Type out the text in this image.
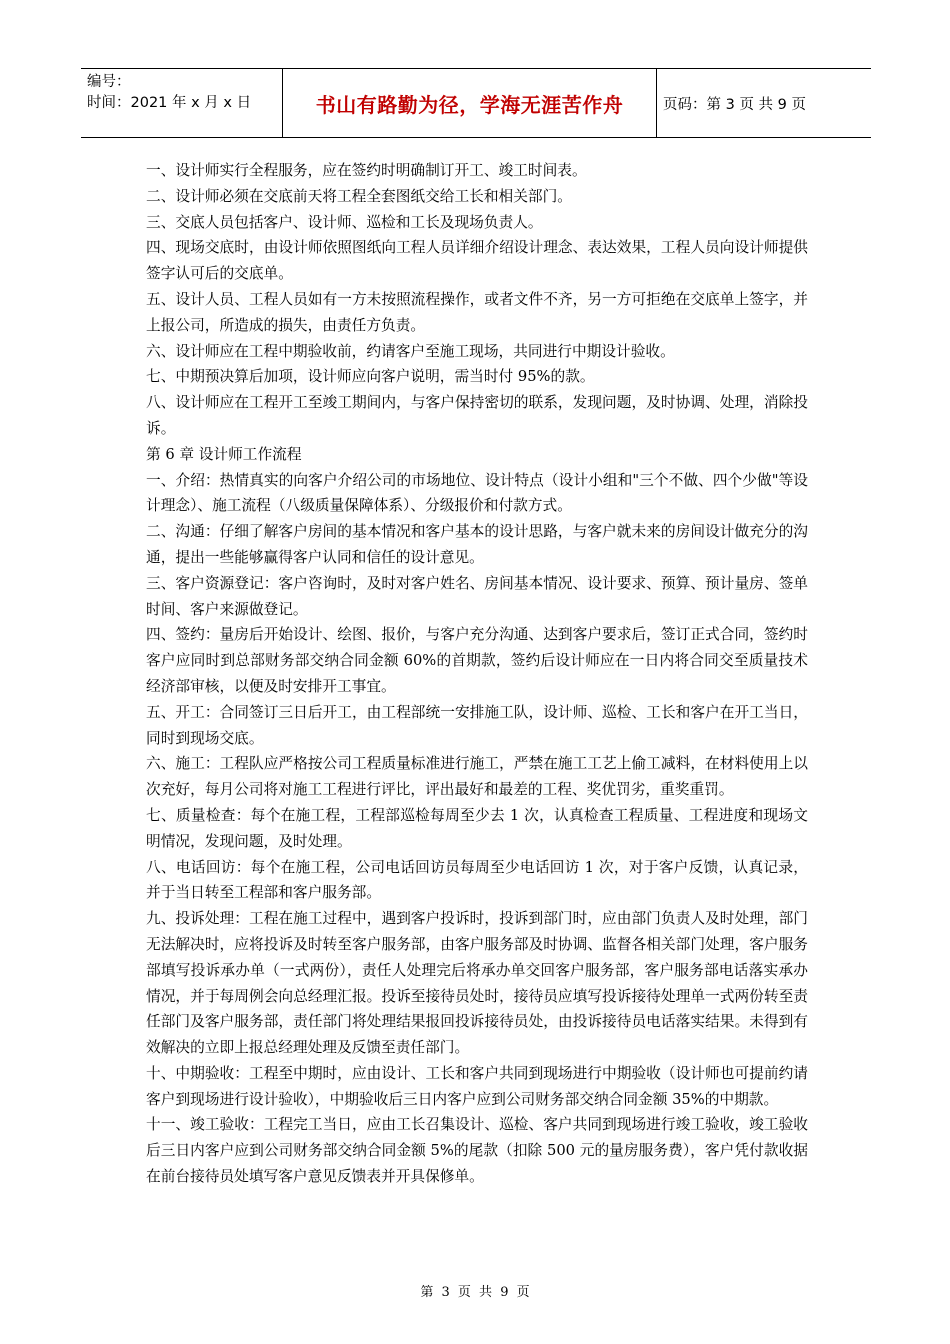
编号：
时间：2021 年 x 月 x 日	书山有路勤为径，学海无涯苦作舟	页码：第 3 页 共 9 页

一、设计师实行全程服务，应在签约时明确制订开工、竣工时间表。

二、设计师必须在交底前天将工程全套图纸交给工长和相关部门。

三、交底人员包括客户、设计师、巡检和工长及现场负责人。

四、现场交底时，由设计师依照图纸向工程人员详细介绍设计理念、表达效果，工程人员向设计师提供签字认可后的交底单。

五、设计人员、工程人员如有一方未按照流程操作，或者文件不齐，另一方可拒绝在交底单上签字，并上报公司，所造成的损失，由责任方负责。

六、设计师应在工程中期验收前，约请客户至施工现场，共同进行中期设计验收。

七、中期预决算后加项，设计师应向客户说明，需当时付 95%的款。

八、设计师应在工程开工至竣工期间内，与客户保持密切的联系，发现问题，及时协调、处理，消除投诉。

第 6 章 设计师工作流程

一、介绍：热情真实的向客户介绍公司的市场地位、设计特点（设计小组和"三个不做、四个少做"等设计理念）、施工流程（八级质量保障体系）、分级报价和付款方式。

二、沟通：仔细了解客户房间的基本情况和客户基本的设计思路，与客户就未来的房间设计做充分的沟通，提出一些能够赢得客户认同和信任的设计意见。

三、客户资源登记：客户咨询时，及时对客户姓名、房间基本情况、设计要求、预算、预计量房、签单时间、客户来源做登记。

四、签约：量房后开始设计、绘图、报价，与客户充分沟通、达到客户要求后，签订正式合同，签约时客户应同时到总部财务部交纳合同金额 60%的首期款，签约后设计师应在一日内将合同交至质量技术经济部审核，以便及时安排开工事宜。

五、开工：合同签订三日后开工，由工程部统一安排施工队，设计师、巡检、工长和客户在开工当日，同时到现场交底。

六、施工：工程队应严格按公司工程质量标准进行施工，严禁在施工工艺上偷工减料，在材料使用上以次充好，每月公司将对施工工程进行评比，评出最好和最差的工程、奖优罚劣，重奖重罚。

七、质量检查：每个在施工程，工程部巡检每周至少去 1 次，认真检查工程质量、工程进度和现场文明情况，发现问题，及时处理。

八、电话回访：每个在施工程，公司电话回访员每周至少电话回访 1 次，对于客户反馈，认真记录，并于当日转至工程部和客户服务部。

九、投诉处理：工程在施工过程中，遇到客户投诉时，投诉到部门时，应由部门负责人及时处理，部门无法解决时，应将投诉及时转至客户服务部，由客户服务部及时协调、监督各相关部门处理，客户服务部填写投诉承办单（一式两份），责任人处理完后将承办单交回客户服务部，客户服务部电话落实承办情况，并于每周例会向总经理汇报。投诉至接待员处时，接待员应填写投诉接待处理单一式两份转至责任部门及客户服务部，责任部门将处理结果报回投诉接待员处，由投诉接待员电话落实结果。未得到有效解决的立即上报总经理处理及反馈至责任部门。

十、中期验收：工程至中期时，应由设计、工长和客户共同到现场进行中期验收（设计师也可提前约请客户到现场进行设计验收），中期验收后三日内客户应到公司财务部交纳合同金额 35%的中期款。

十一、竣工验收：工程完工当日，应由工长召集设计、巡检、客户共同到现场进行竣工验收，竣工验收后三日内客户应到公司财务部交纳合同金额 5%的尾款（扣除 500 元的量房服务费），客户凭付款收据在前台接待员处填写客户意见反馈表并开具保修单。

第 3 页 共 9 页
